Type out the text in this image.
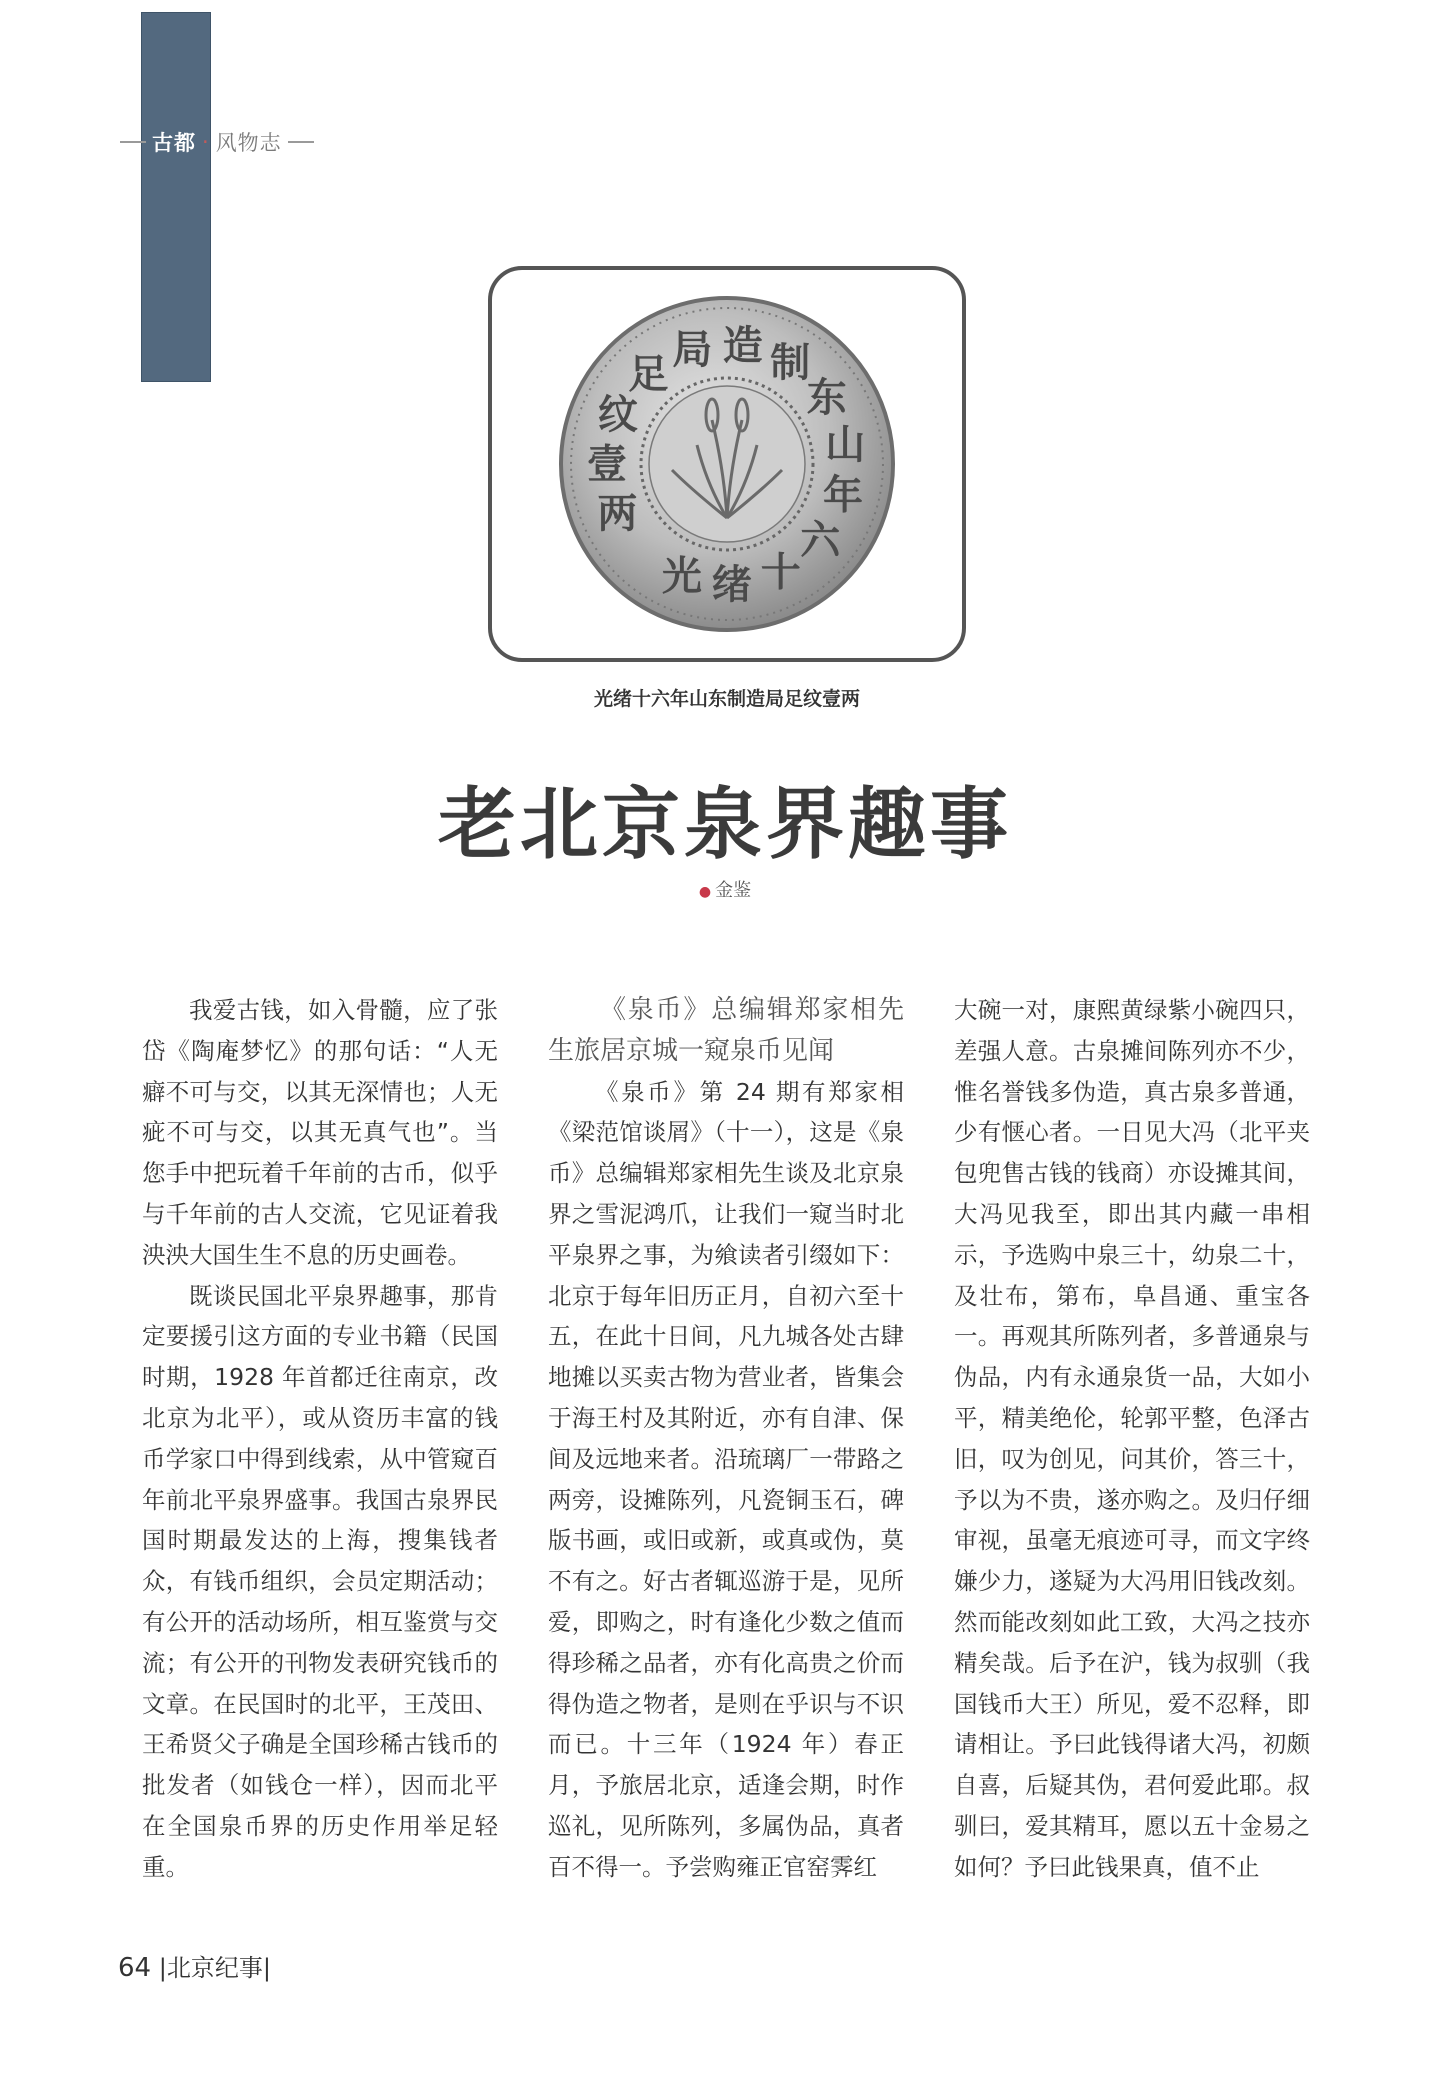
古都 · 风物志
光 绪 十
六
年
山
东
制
造
局
足
纹
壹
两
光绪十六年山东制造局足纹壹两
老北京泉界趣事
● 金鉴

我爱古钱，如入骨髓，应了张岱《陶庵梦忆》的那句话：“人无癖不可与交，以其无深情也；人无疵不可与交，以其无真气也”。当您手中把玩着千年前的古币，似乎与千年前的古人交流，它见证着我泱泱大国生生不息的历史画卷。

既谈民国北平泉界趣事，那肯定要援引这方面的专业书籍（民国时期，1928 年首都迁往南京，改北京为北平），或从资历丰富的钱币学家口中得到线索，从中管窥百年前北平泉界盛事。我国古泉界民国时期最发达的上海，搜集钱者众，有钱币组织，会员定期活动；有公开的活动场所，相互鉴赏与交流；有公开的刊物发表研究钱币的文章。在民国时的北平，王茂田、王希贤父子确是全国珍稀古钱币的批发者（如钱仓一样），因而北平在全国泉币界的历史作用举足轻重。

《泉币》总编辑郑家相先生旅居京城一窥泉币见闻

《泉币》第 24 期有郑家相《梁范馆谈屑》（十一），这是《泉币》总编辑郑家相先生谈及北京泉界之雪泥鸿爪，让我们一窥当时北平泉界之事，为飨读者引缀如下：北京于每年旧历正月，自初六至十五，在此十日间，凡九城各处古肆地摊以买卖古物为营业者，皆集会于海王村及其附近，亦有自津、保间及远地来者。沿琉璃厂一带路之两旁，设摊陈列，凡瓷铜玉石，碑版书画，或旧或新，或真或伪，莫不有之。好古者辄巡游于是，见所爱，即购之，时有逢化少数之值而得珍稀之品者，亦有化高贵之价而得伪造之物者，是则在乎识与不识而已。十三年（1924 年）春正月，予旅居北京，适逢会期，时作巡礼，见所陈列，多属伪品，真者百不得一。予尝购雍正官窑霁红

大碗一对，康熙黄绿紫小碗四只，差强人意。古泉摊间陈列亦不少，惟名誉钱多伪造，真古泉多普通，少有惬心者。一日见大冯（北平夹包兜售古钱的钱商）亦设摊其间，大冯见我至，即出其内藏一串相示，予选购中泉三十，幼泉二十，及壮布，第布，阜昌通、重宝各一。再观其所陈列者，多普通泉与伪品，内有永通泉货一品，大如小平，精美绝伦，轮郭平整，色泽古旧，叹为创见，问其价，答三十，予以为不贵，遂亦购之。及归仔细审视，虽毫无痕迹可寻，而文字终嫌少力，遂疑为大冯用旧钱改刻。然而能改刻如此工致，大冯之技亦精矣哉。后予在沪，钱为叔驯（我国钱币大王）所见，爱不忍释，即请相让。予曰此钱得诸大冯，初颇自喜，后疑其伪，君何爱此耶。叔驯曰，爱其精耳，愿以五十金易之如何？予曰此钱果真，值不止

64 |北京纪事|
